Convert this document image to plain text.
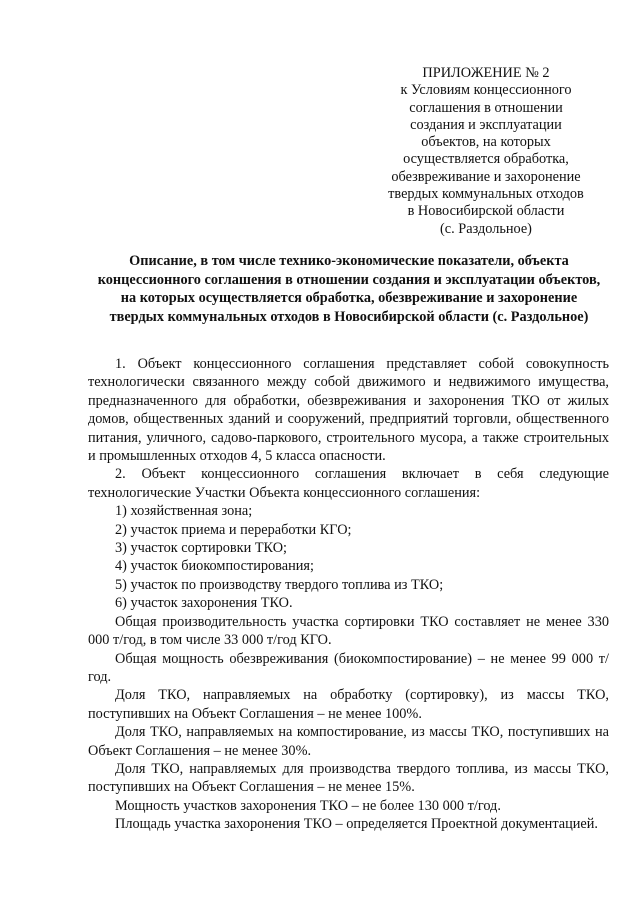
ПРИЛОЖЕНИЕ № 2
к Условиям концессионного
соглашения в отношении
создания и эксплуатации
объектов, на которых
осуществляется обработка,
обезвреживание и захоронение
твердых коммунальных отходов
в Новосибирской области
(с. Раздольное)
Описание, в том числе технико-экономические показатели, объекта
концессионного соглашения в отношении создания и эксплуатации объектов,
на которых осуществляется обработка, обезвреживание и захоронение
твердых коммунальных отходов в Новосибирской области (с. Раздольное)

1. Объект концессионного соглашения представляет собой совокупность технологически связанного между собой движимого и недвижимого имущества, предназначенного для обработки, обезвреживания и захоронения ТКО от жилых домов, общественных зданий и сооружений, предприятий торговли, общественного питания, уличного, садово-паркового, строительного мусора, а также строительных и промышленных отходов 4, 5 класса опасности.

2. Объект концессионного соглашения включает в себя следующие технологические Участки Объекта концессионного соглашения:

1) хозяйственная зона;
2) участок приема и переработки КГО;
3) участок сортировки ТКО;
4) участок биокомпостирования;
5) участок по производству твердого топлива из ТКО;
6) участок захоронения ТКО.

Общая производительность участка сортировки ТКО составляет не менее 330 000 т/год, в том числе 33 000 т/год КГО.

Общая мощность обезвреживания (биокомпостирование) – не менее 99 000 т/год.

Доля ТКО, направляемых на обработку (сортировку), из массы ТКО, поступивших на Объект Соглашения – не менее 100%.

Доля ТКО, направляемых на компостирование, из массы ТКО, поступивших на Объект Соглашения – не менее 30%.

Доля ТКО, направляемых для производства твердого топлива, из массы ТКО, поступивших на Объект Соглашения – не менее 15%.

Мощность участков захоронения ТКО – не более 130 000 т/год.

Площадь участка захоронения ТКО – определяется Проектной документацией.
